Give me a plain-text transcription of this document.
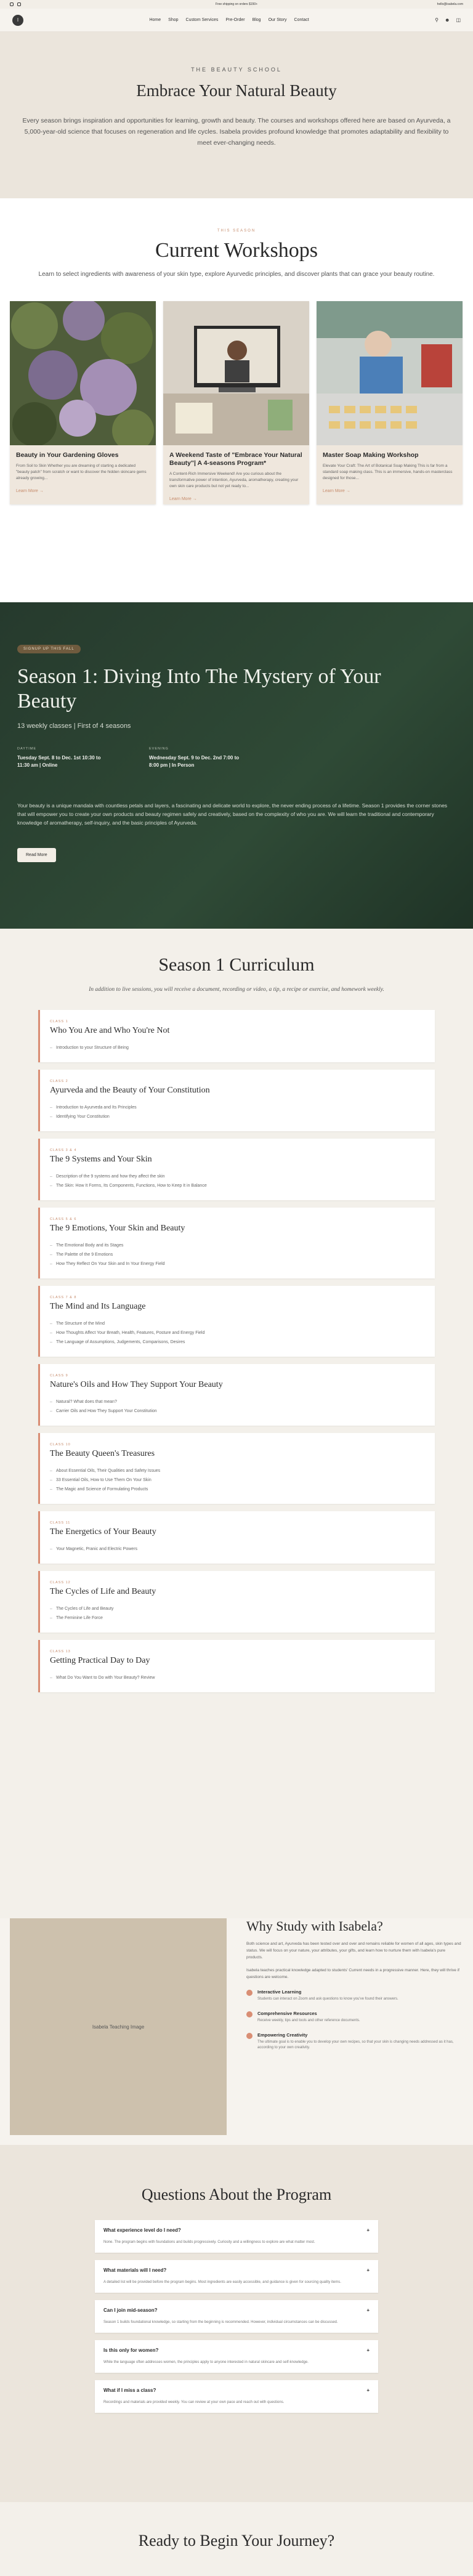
Free shipping on orders $150+	hello@isabela.com
I	Home Shop Custom Services Pre-Order Blog Our Story Contact	⚲ ☻ ◫
THE BEAUTY SCHOOL
Embrace Your Natural Beauty

Every season brings inspiration and opportunities for learning, growth and beauty. The courses and workshops offered here are based on Ayurveda, a 5,000-year-old science that focuses on regeneration and life cycles. Isabela provides profound knowledge that promotes adaptability and flexibility to meet ever-changing needs.

THIS SEASON
Current Workshops
Learn to select ingredients with awareness of your skin type, explore Ayurvedic principles, and discover plants that can grace your beauty routine.
Beauty in Your Gardening Gloves

From Soil to Skin Whether you are dreaming of starting a dedicated "beauty patch" from scratch or want to discover the hidden skincare gems already growing...

Learn More →
A Weekend Taste of "Embrace Your Natural Beauty"| A 4-seasons Program*

A Content-Rich Immersive Weekend! Are you curious about the transformative power of intention, Ayurveda, aromatherapy, creating your own skin care products but not yet ready to...

Learn More →
Master Soap Making Workshop

Elevate Your Craft: The Art of Botanical Soap Making This is far from a standard soap making class. This is an immersive, hands-on masterclass designed for those...

Learn More →
SIGNUP UP THIS FALL
Season 1: Diving Into The Mystery of Your Beauty
13 weekly classes | First of 4 seasons
DAYTIME
Tuesday Sept. 8 to Dec. 1st 10:30 to 11:30 am | Online
EVENING
Wednesday Sept. 9 to Dec. 2nd 7:00 to 8:00 pm | In Person
Your beauty is a unique mandala with countless petals and layers, a fascinating and delicate world to explore, the never ending process of a lifetime. Season 1 provides the corner stones that will empower you to create your own products and beauty regimen safely and creatively, based on the complexity of who you are. We will learn the traditional and contemporary knowledge of aromatherapy, self-inquiry, and the basic principles of Ayurveda.
Read More
Season 1 Curriculum
In addition to live sessions, you will receive a document, recording or video, a tip, a recipe or exercise, and homework weekly.
CLASS 1
Who You Are and Who You're Not
– Introduction to your Structure of Being
CLASS 2
Ayurveda and the Beauty of Your Constitution
– Introduction to Ayurveda and Its Principles
– Identifying Your Constitution
CLASS 3 & 4
The 9 Systems and Your Skin
– Description of the 9 systems and how they affect the skin
– The Skin: How It Forms, Its Components, Functions, How to Keep It in Balance
CLASS 5 & 6
The 9 Emotions, Your Skin and Beauty
– The Emotional Body and its Stages
– The Palette of the 9 Emotions
– How They Reflect On Your Skin and In Your Energy Field
CLASS 7 & 8
The Mind and Its Language
– The Structure of the Mind
– How Thoughts Affect Your Breath, Health, Features, Posture and Energy Field
– The Language of Assumptions, Judgements, Comparisons, Desires
CLASS 9
Nature's Oils and How They Support Your Beauty
– Natural? What does that mean?
– Carrier Oils and How They Support Your Constitution
CLASS 10
The Beauty Queen's Treasures
– About Essential Oils, Their Qualities and Safety Issues
– 33 Essential Oils, How to Use Them On Your Skin
– The Magic and Science of Formulating Products
CLASS 11
The Energetics of Your Beauty
– Your Magnetic, Pranic and Electric Powers
CLASS 12
The Cycles of Life and Beauty
– The Cycles of Life and Beauty
– The Feminine Life Force
CLASS 13
Getting Practical Day to Day
– What Do You Want to Do with Your Beauty? Review
Isabela Teaching Image
Why Study with Isabela?

Both science and art, Ayurveda has been tested over and over and remains reliable for women of all ages, skin types and status. We will focus on your nature, your attributes, your gifts, and learn how to nurture them with Isabela's pure products.

Isabela teaches practical knowledge adapted to students' Current needs in a progressive manner. Here, they will thrive if questions are welcome.

Interactive Learning
Students can interact on Zoom and ask questions to know you've found their answers.
Comprehensive Resources
Receive weekly, tips and tools and other reference documents.
Empowering Creativity
The ultimate goal is to enable you to develop your own recipes, so that your skin is changing needs addressed as it has, according to your own creativity.
Questions About the Program
What experience level do I need?	+
None. The program begins with foundations and builds progressively. Curiosity and a willingness to explore are what matter most.
What materials will I need?	+
A detailed list will be provided before the program begins. Most ingredients are easily accessible, and guidance is given for sourcing quality items.
Can I join mid-season?	+
Season 1 builds foundational knowledge, so starting from the beginning is recommended. However, individual circumstances can be discussed.
Is this only for women?	+
While the language often addresses women, the principles apply to anyone interested in natural skincare and self-knowledge.
What if I miss a class?	+
Recordings and materials are provided weekly. You can review at your own pace and reach out with questions.
Ready to Begin Your Journey?
